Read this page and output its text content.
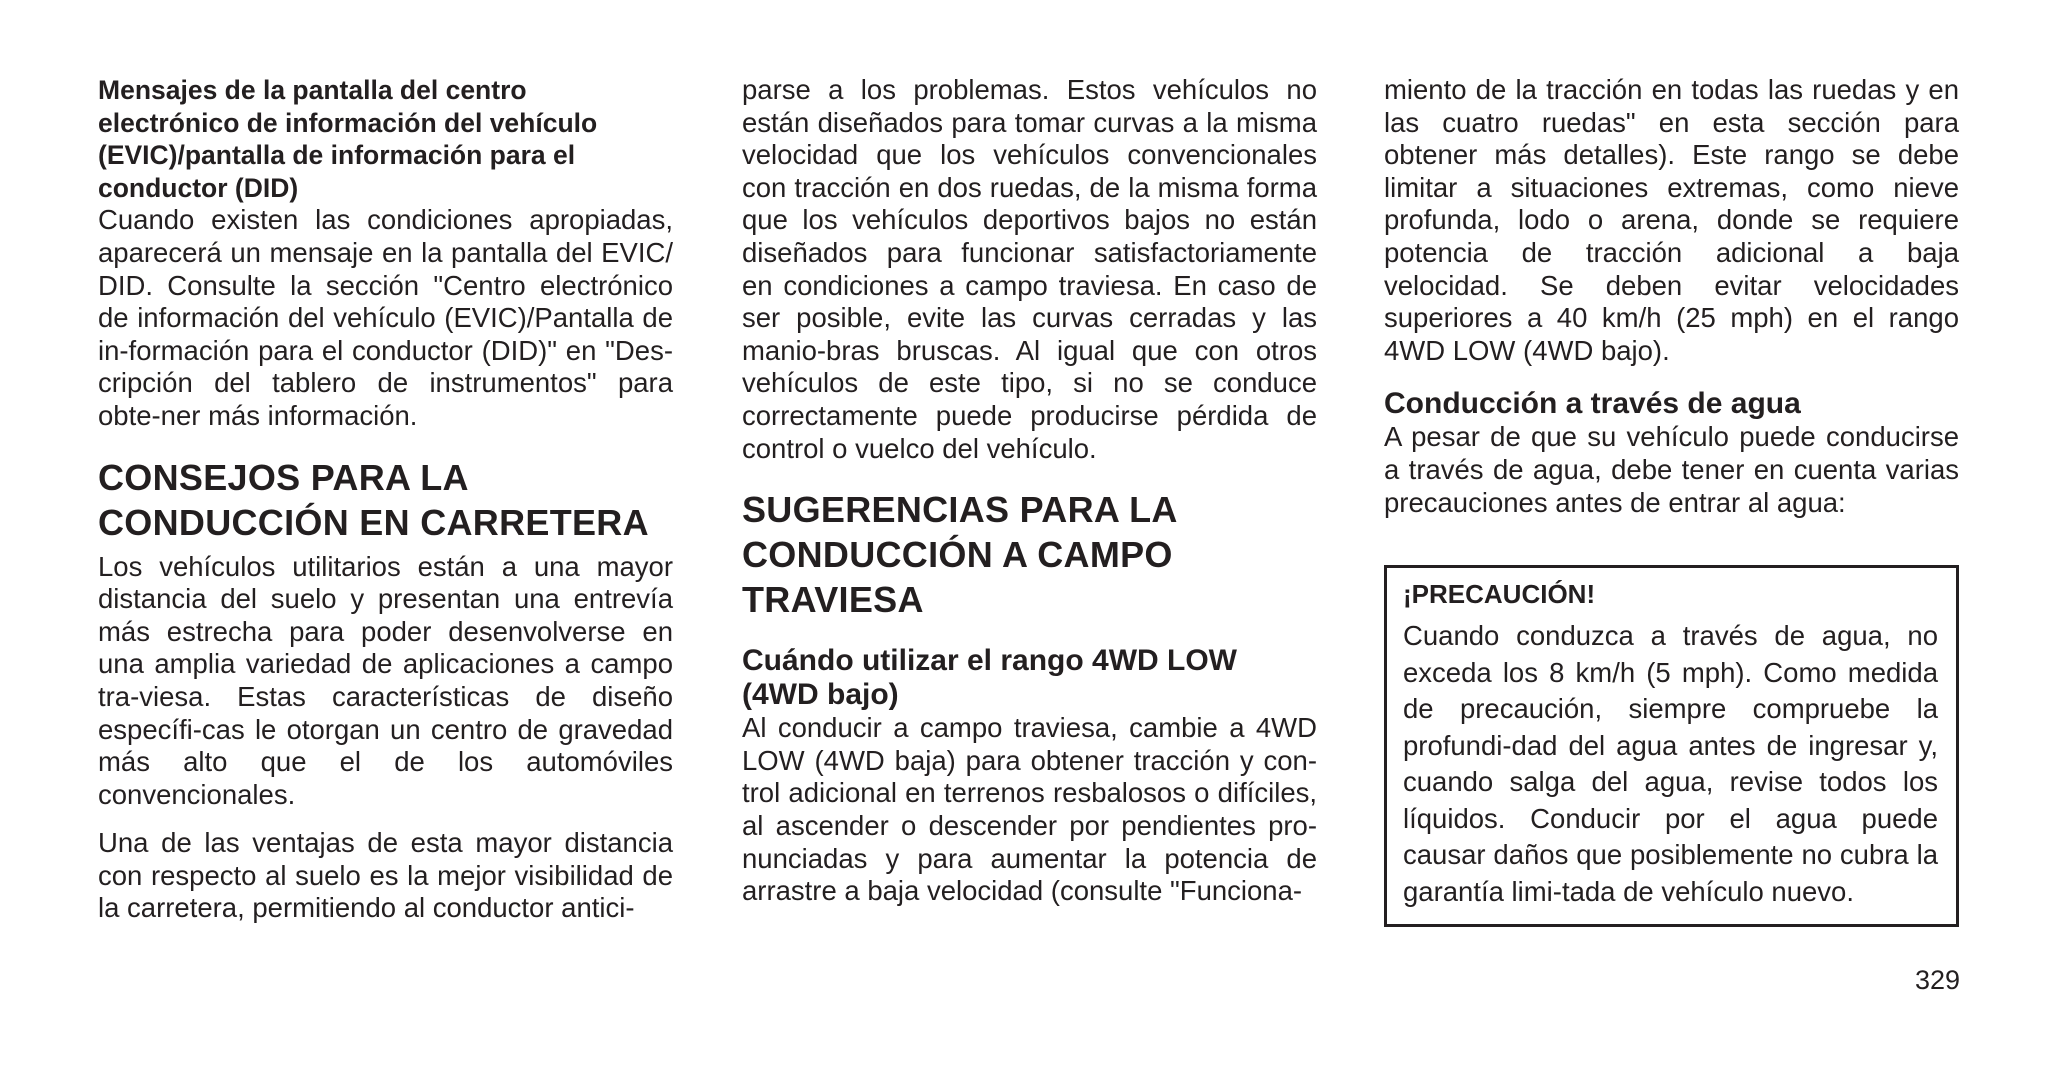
Mensajes de la pantalla del centro electrónico de información del vehículo (EVIC)/pantalla de información para el conductor (DID)

Cuando existen las condiciones apropiadas, aparecerá un mensaje en la pantalla del EVIC/ DID. Consulte la sección "Centro electrónico de información del vehículo (EVIC)/Pantalla de in-formación para el conductor (DID)" en "Des-cripción del tablero de instrumentos" para obte-ner más información.

CONSEJOS PARA LA CONDUCCIÓN EN CARRETERA

Los vehículos utilitarios están a una mayor distancia del suelo y presentan una entrevía más estrecha para poder desenvolverse en una amplia variedad de aplicaciones a campo tra-viesa. Estas características de diseño específi-cas le otorgan un centro de gravedad más alto que el de los automóviles convencionales.

Una de las ventajas de esta mayor distancia con respecto al suelo es la mejor visibilidad de la carretera, permitiendo al conductor antici-

parse a los problemas. Estos vehículos no están diseñados para tomar curvas a la misma velocidad que los vehículos convencionales con tracción en dos ruedas, de la misma forma que los vehículos deportivos bajos no están diseñados para funcionar satisfactoriamente en condiciones a campo traviesa. En caso de ser posible, evite las curvas cerradas y las manio-bras bruscas. Al igual que con otros vehículos de este tipo, si no se conduce correctamente puede producirse pérdida de control o vuelco del vehículo.

SUGERENCIAS PARA LA CONDUCCIÓN A CAMPO TRAVIESA
Cuándo utilizar el rango 4WD LOW (4WD bajo)

Al conducir a campo traviesa, cambie a 4WD LOW (4WD baja) para obtener tracción y con-trol adicional en terrenos resbalosos o difíciles, al ascender o descender por pendientes pro-nunciadas y para aumentar la potencia de arrastre a baja velocidad (consulte "Funciona-

miento de la tracción en todas las ruedas y en las cuatro ruedas" en esta sección para obtener más detalles). Este rango se debe limitar a situaciones extremas, como nieve profunda, lodo o arena, donde se requiere potencia de tracción adicional a baja velocidad. Se deben evitar velocidades superiores a 40 km/h (25 mph) en el rango 4WD LOW (4WD bajo).

Conducción a través de agua

A pesar de que su vehículo puede conducirse a través de agua, debe tener en cuenta varias precauciones antes de entrar al agua:

¡PRECAUCIÓN!

Cuando conduzca a través de agua, no exceda los 8 km/h (5 mph). Como medida de precaución, siempre compruebe la profundi-dad del agua antes de ingresar y, cuando salga del agua, revise todos los líquidos. Conducir por el agua puede causar daños que posiblemente no cubra la garantía limi-tada de vehículo nuevo.

329
